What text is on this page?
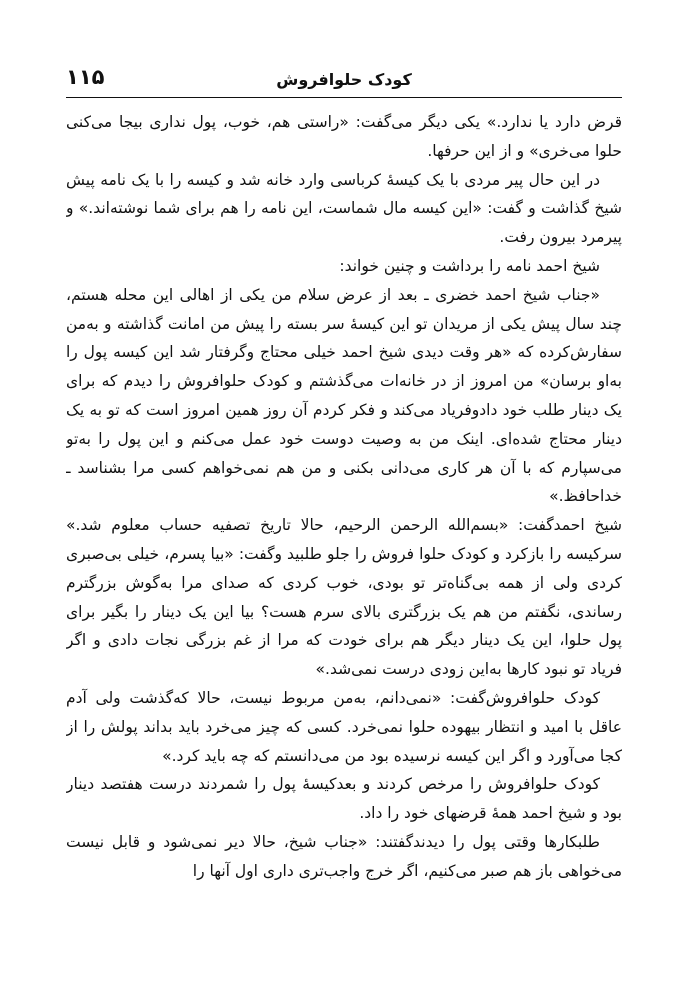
کودک حلوافروش
۱۱۵

قرض دارد یا ندارد.» یکی دیگر می‌گفت: «راستی هم، خوب، پول نداری بیجا می‌کنی حلوا می‌خری» و از این حرفها.

در این حال پیر مردی با یک کیسهٔ کرباسی وارد خانه شد و کیسه را با یک نامه پیش شیخ گذاشت و گفت: «این کیسه مال شماست، این نامه را هم برای شما نوشته‌اند.» و پیرمرد بیرون رفت.

شیخ احمد نامه را برداشت و چنین خواند:

«جناب شیخ احمد خضری ـ بعد از عرض سلام من یکی از اهالی این محله هستم، چند سال پیش یکی از مریدان تو این کیسهٔ سر بسته را پیش من امانت گذاشته و به‌من سفارش‌کرده که «هر وقت دیدی شیخ احمد خیلی محتاج وگرفتار شد این کیسه پول را به‌او برسان» من امروز از در خانه‌ات می‌گذشتم و کودک حلوافروش را دیدم که برای یک دینار طلب خود دادوفریاد می‌کند و فکر کردم آن روز همین امروز است که تو به یک دینار محتاج شده‌ای. اینک من به وصیت دوست خود عمل می‌کنم و این پول را به‌تو می‌سپارم که با آن هر کاری می‌دانی بکنی و من هم نمی‌خواهم کسی مرا بشناسد ـ خداحافظ.»

شیخ احمدگفت: «بسم‌الله الرحمن الرحیم، حالا تاریخ تصفیه حساب معلوم شد.» سرکیسه را بازکرد و کودک حلوا فروش را جلو طلبید وگفت: «بیا پسرم، خیلی بی‌صبری کردی ولی از همه بی‌گناه‌تر تو بودی، خوب کردی که صدای مرا به‌گوش بزرگترم رساندی، نگفتم من هم یک بزرگتری بالای سرم هست؟ بیا این یک دینار را بگیر برای پول حلوا، این یک دینار دیگر هم برای خودت که مرا از غم بزرگی نجات دادی و اگر فریاد تو نبود کارها به‌این زودی درست نمی‌شد.»

کودک حلوافروش‌گفت: «نمی‌دانم، به‌من مربوط نیست، حالا که‌گذشت ولی آدم عاقل با امید و انتظار بیهوده حلوا نمی‌خرد. کسی که چیز می‌خرد باید بداند پولش را از کجا می‌آورد و اگر این کیسه نرسیده بود من می‌دانستم که چه باید کرد.»

کودک حلوافروش را مرخص کردند و بعدکیسهٔ پول را شمردند درست هفتصد دینار بود و شیخ احمد همهٔ قرضهای خود را داد.

طلبکارها وقتی پول را دیدندگفتند: «جناب شیخ، حالا دیر نمی‌شود و قابل نیست می‌خواهی باز هم صبر می‌کنیم، اگر خرج واجب‌تری داری اول آنها را
